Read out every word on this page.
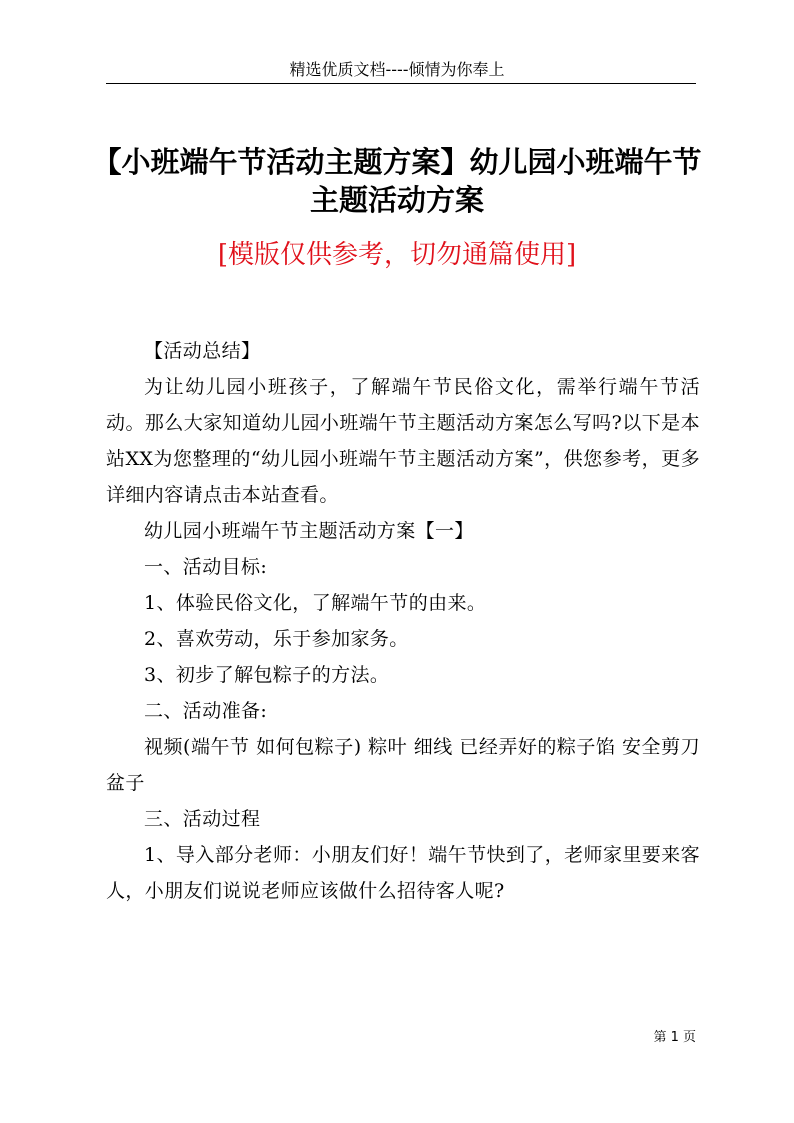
精选优质文档----倾情为你奉上
【小班端午节活动主题方案】幼儿园小班端午节主题活动方案
[模版仅供参考，切勿通篇使用]

【活动总结】

为让幼儿园小班孩子，了解端午节民俗文化，需举行端午节活动。那么大家知道幼儿园小班端午节主题活动方案怎么写吗?以下是本站XX为您整理的“幼儿园小班端午节主题活动方案”，供您参考，更多详细内容请点击本站查看。

幼儿园小班端午节主题活动方案【一】

一、活动目标:

1、体验民俗文化，了解端午节的由来。

2、喜欢劳动，乐于参加家务。

3、初步了解包粽子的方法。

二、活动准备:

视频(端午节 如何包粽子) 粽叶 细线 已经弄好的粽子馅 安全剪刀 盆子

三、活动过程

1、导入部分老师：小朋友们好！端午节快到了，老师家里要来客人，小朋友们说说老师应该做什么招待客人呢?

第 1 页
